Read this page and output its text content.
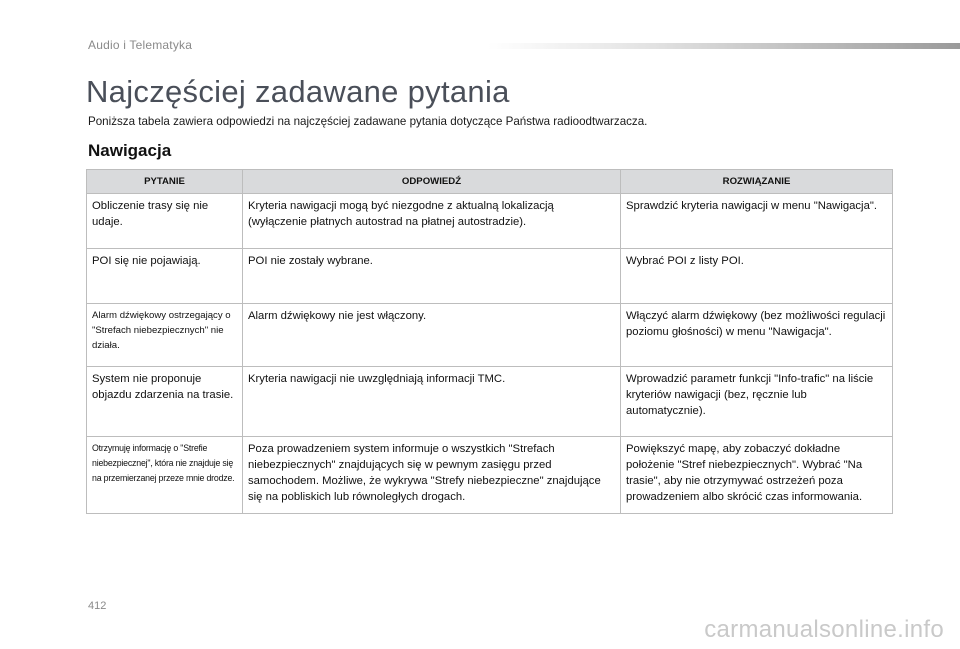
Audio i Telematyka
Najczęściej zadawane pytania
Poniższa tabela zawiera odpowiedzi na najczęściej zadawane pytania dotyczące Państwa radioodtwarzacza.
Nawigacja
PYTANIE	ODPOWIEDŹ	ROZWIĄZANIE
Obliczenie trasy się nie udaje.	Kryteria nawigacji mogą być niezgodne z aktualną lokalizacją (wyłączenie płatnych autostrad na płatnej autostradzie).	Sprawdzić kryteria nawigacji w menu "Nawigacja".
POI się nie pojawiają.	POI nie zostały wybrane.	Wybrać POI z listy POI.
Alarm dźwiękowy ostrzegający o "Strefach niebezpiecznych" nie działa.	Alarm dźwiękowy nie jest włączony.	Włączyć alarm dźwiękowy (bez możliwości regulacji poziomu głośności) w menu "Nawigacja".
System nie proponuje objazdu zdarzenia na trasie.	Kryteria nawigacji nie uwzględniają informacji TMC.	Wprowadzić parametr funkcji "Info-trafic" na liście kryteriów nawigacji (bez, ręcznie lub automatycznie).
Otrzymuję informację o "Strefie niebezpiecznej", która nie znajduje się na przemierzanej przeze mnie drodze.	Poza prowadzeniem system informuje o wszystkich "Strefach niebezpiecznych" znajdujących się w pewnym zasięgu przed samochodem. Możliwe, że wykrywa "Strefy niebezpieczne" znajdujące się na pobliskich lub równoległych drogach.	Powiększyć mapę, aby zobaczyć dokładne położenie "Stref niebezpiecznych". Wybrać "Na trasie", aby nie otrzymywać ostrzeżeń poza prowadzeniem albo skrócić czas informowania.
412
carmanualsonline.info
